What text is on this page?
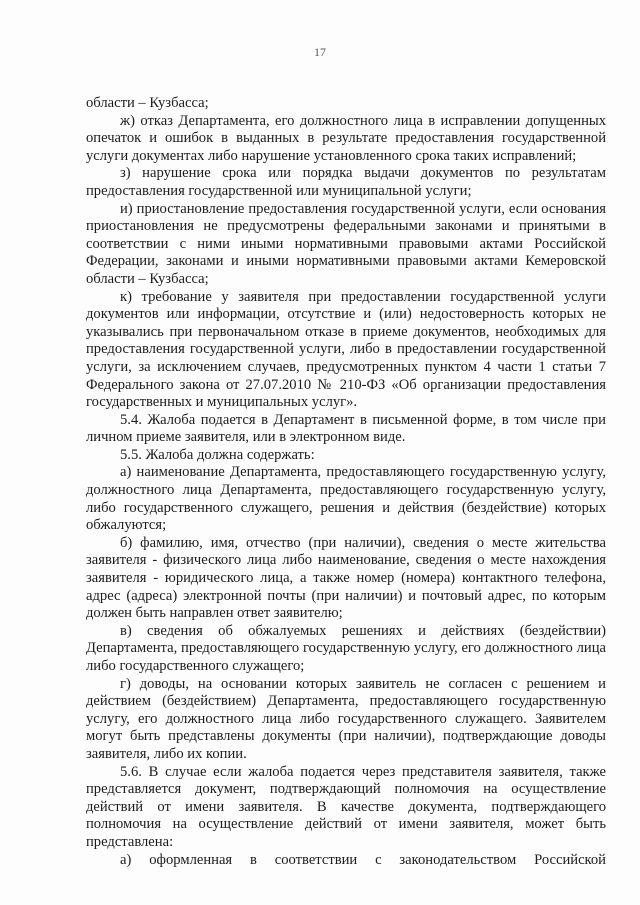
17

области – Кузбасса;

ж) отказ Департамента, его должностного лица в исправлении допущенных опечаток и ошибок в выданных в результате предоставления государственной услуги документах либо нарушение установленного срока таких исправлений;

з) нарушение срока или порядка выдачи документов по результатам предоставления государственной или муниципальной услуги;

и) приостановление предоставления государственной услуги, если основания приостановления не предусмотрены федеральными законами и принятыми в соответствии с ними иными нормативными правовыми актами Российской Федерации, законами и иными нормативными правовыми актами Кемеровской области – Кузбасса;

к) требование у заявителя при предоставлении государственной услуги документов или информации, отсутствие и (или) недостоверность которых не указывались при первоначальном отказе в приеме документов, необходимых для предоставления государственной услуги, либо в предоставлении государственной услуги, за исключением случаев, предусмотренных пунктом 4 части 1 статьи 7 Федерального закона от 27.07.2010 № 210-ФЗ «Об организации предоставления государственных и муниципальных услуг».

5.4. Жалоба подается в Департамент в письменной форме, в том числе при личном приеме заявителя, или в электронном виде.

5.5. Жалоба должна содержать:

а) наименование Департамента, предоставляющего государственную услугу, должностного лица Департамента, предоставляющего государственную услугу, либо государственного служащего, решения и действия (бездействие) которых обжалуются;

б) фамилию, имя, отчество (при наличии), сведения о месте жительства заявителя - физического лица либо наименование, сведения о месте нахождения заявителя - юридического лица, а также номер (номера) контактного телефона, адрес (адреса) электронной почты (при наличии) и почтовый адрес, по которым должен быть направлен ответ заявителю;

в) сведения об обжалуемых решениях и действиях (бездействии) Департамента, предоставляющего государственную услугу, его должностного лица либо государственного служащего;

г) доводы, на основании которых заявитель не согласен с решением и действием (бездействием) Департамента, предоставляющего государственную услугу, его должностного лица либо государственного служащего. Заявителем могут быть представлены документы (при наличии), подтверждающие доводы заявителя, либо их копии.

5.6. В случае если жалоба подается через представителя заявителя, также представляется документ, подтверждающий полномочия на осуществление действий от имени заявителя. В качестве документа, подтверждающего полномочия на осуществление действий от имени заявителя, может быть представлена:

а) оформленная в соответствии с законодательством Российской
